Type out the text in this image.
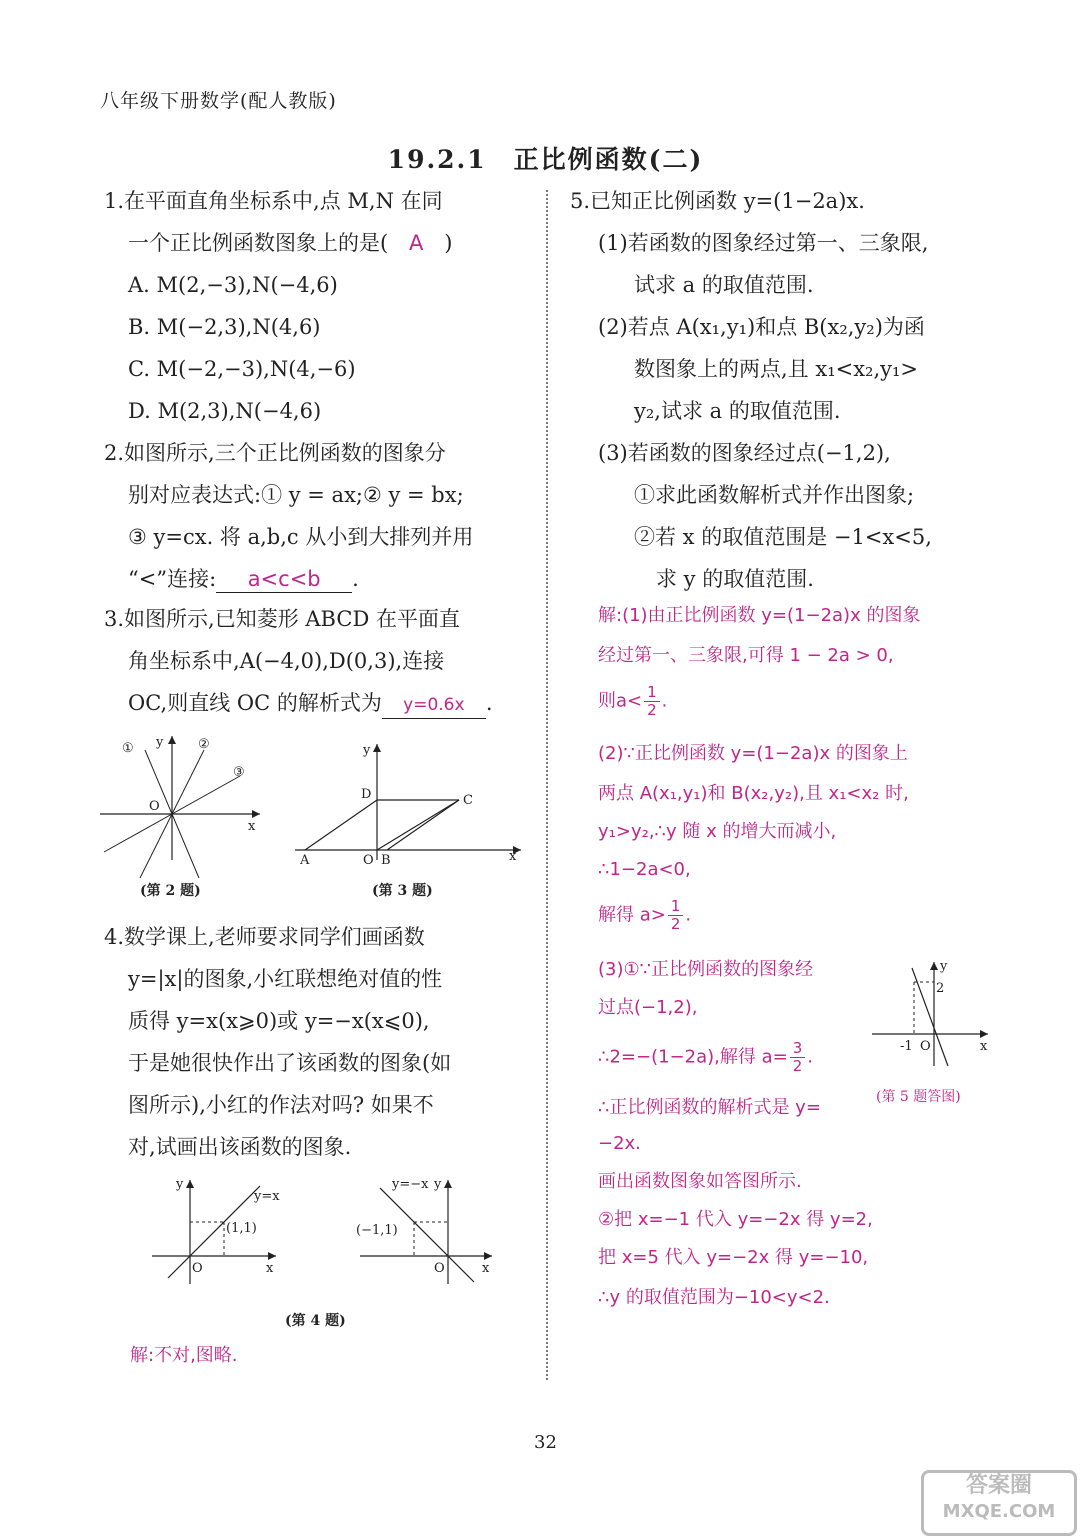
八年级下册数学(配人教版)
19.2.1　正比例函数(二)
1.在平面直角坐标系中,点 M,N 在同
一个正比例函数图象上的是( A )
A. M(2,−3),N(−4,6)
B. M(−2,3),N(4,6)
C. M(−2,−3),N(4,−6)
D. M(2,3),N(−4,6)
2.如图所示,三个正比例函数的图象分
别对应表达式:① y = ax;② y = bx;
③ y=cx. 将 a,b,c 从小到大排列并用
“<”连接: a<c<b .
3.如图所示,已知菱形 ABCD 在平面直
角坐标系中,A(−4,0),D(0,3),连接
OC,则直线 OC 的解析式为 y=0.6x .
y
x
O
①	②
③
(第 2 题)
y
x
O
A	B
C
D
(第 3 题)
4.数学课上,老师要求同学们画函数
y=|x|的图象,小红联想绝对值的性
质得 y=x(x⩾0)或 y=−x(x⩽0),
于是她很快作出了该函数的图象(如
图所示),小红的作法对吗? 如果不
对,试画出该函数的图象.
y
x
O
y=x
(1,1)
y
x
O
y=−x
(−1,1)
(第 4 题)
解:不对,图略.
5.已知正比例函数 y=(1−2a)x.
(1)若函数的图象经过第一、三象限,
试求 a 的取值范围.
(2)若点 A(x₁,y₁)和点 B(x₂,y₂)为函
数图象上的两点,且 x₁<x₂,y₁>
y₂,试求 a 的取值范围.
(3)若函数的图象经过点(−1,2),
①求此函数解析式并作出图象;
②若 x 的取值范围是 −1<x<5,
求 y 的取值范围.
解:(1)由正比例函数 y=(1−2a)x 的图象
经过第一、三象限,可得 1 − 2a > 0,
则$a< \frac{1}{2}$ .
(2)∵正比例函数 y=(1−2a)x 的图象上
两点 A(x₁,y₁)和 B(x₂,y₂),且 x₁<x₂ 时,
y₁>y₂,∴y 随 x 的增大而减小,
∴1−2a<0,
解得 $a> \frac{1}{2}$ .
(3)①∵正比例函数的图象经
过点(−1,2),
∴2=−(1−2a),解得 $a= \frac{3}{2}$ .
∴正比例函数的解析式是 y=
−2x.
画出函数图象如答图所示.
②把 x=−1 代入 y=−2x 得 y=2,
把 x=5 代入 y=−2x 得 y=−10,
∴y 的取值范围为−10<y<2.
y
x
2
-1 O
(第 5 题答图)
32
答案圈
MXQE.COM
